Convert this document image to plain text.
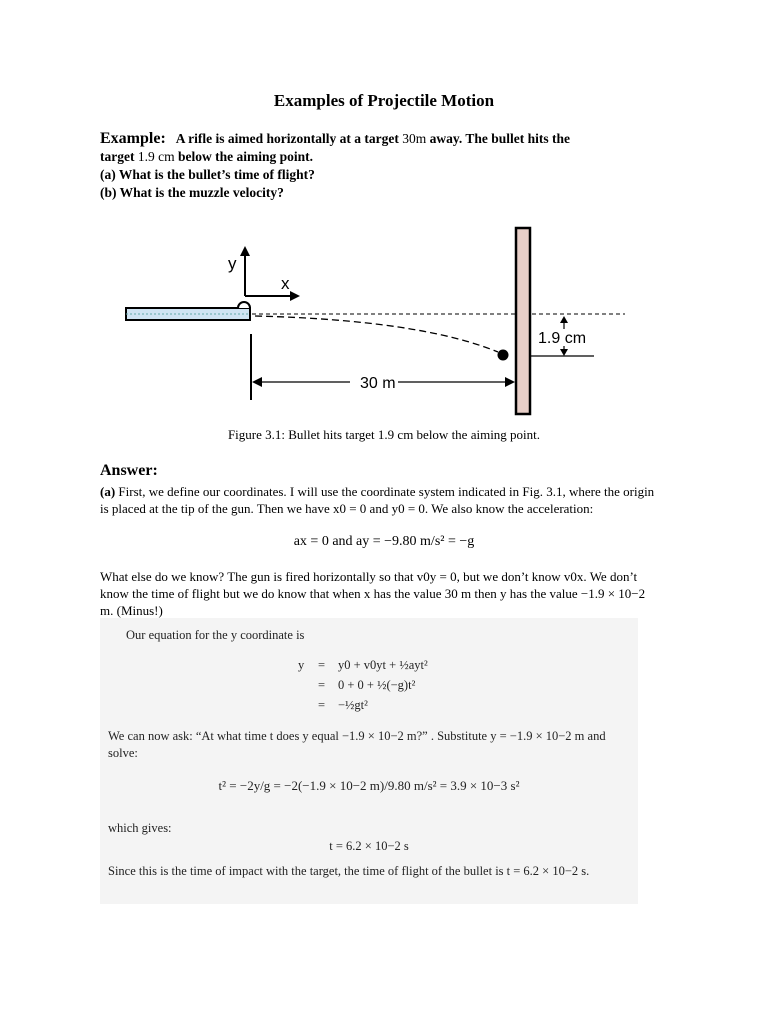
Examples of Projectile Motion
Example: A rifle is aimed horizontally at a target 30m away. The bullet hits the
target 1.9 cm below the aiming point.
(a) What is the bullet’s time of flight?
(b) What is the muzzle velocity?
y
x
1.9 cm
30 m
Figure 3.1: Bullet hits target 1.9 cm below the aiming point.
Answer:
(a) First, we define our coordinates. I will use the coordinate system indicated in Fig. 3.1, where the origin is placed at the tip of the gun. Then we have x0 = 0 and y0 = 0. We also know the acceleration:
ax = 0 and ay = −9.80 m/s² = −g
What else do we know? The gun is fired horizontally so that v0y = 0, but we don’t know v0x. We don’t know the time of flight but we do know that when x has the value 30 m then y has the value −1.9 × 10−2 m. (Minus!)
Our equation for the y coordinate is
y = y0 + v0yt + ½ayt²
= 0 + 0 + ½(−g)t²
= −½gt²
We can now ask: “At what time t does y equal −1.9 × 10−2 m?” . Substitute y = −1.9 × 10−2 m and solve:
t² = −2y/g = −2(−1.9 × 10−2 m)/9.80 m/s² = 3.9 × 10−3 s²
which gives:
t = 6.2 × 10−2 s
Since this is the time of impact with the target, the time of flight of the bullet is t = 6.2 × 10−2 s.
